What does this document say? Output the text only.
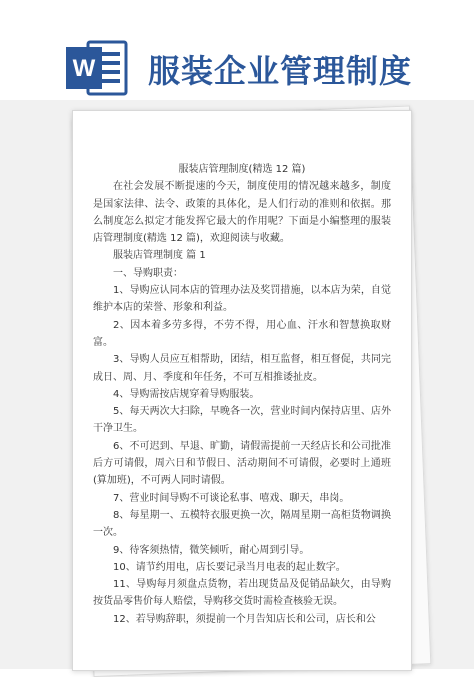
W 服装企业管理制度

服装店管理制度(精选 12 篇)

在社会发展不断提速的今天，制度使用的情况越来越多，制度是国家法律、法令、政策的具体化，是人们行动的准则和依据。那么制度怎么拟定才能发挥它最大的作用呢？下面是小编整理的服装店管理制度(精选 12 篇)，欢迎阅读与收藏。

服装店管理制度 篇 1

一、导购职责：

1、导购应认同本店的管理办法及奖罚措施，以本店为荣，自觉维护本店的荣誉、形象和利益。

2、因本着多劳多得，不劳不得，用心血、汗水和智慧换取财富。

3、导购人员应互相帮助，团结，相互监督，相互督促，共同完成日、周、月、季度和年任务，不可互相推诿扯皮。

4、导购需按店规穿着导购服装。

5、每天两次大扫除，早晚各一次，营业时间内保持店里、店外干净卫生。

6、不可迟到、早退、旷勤，请假需提前一天经店长和公司批准后方可请假，周六日和节假日、活动期间不可请假，必要时上通班(算加班)，不可两人同时请假。

7、营业时间导购不可谈论私事、嘻戏、聊天，串岗。

8、每星期一、五模特衣服更换一次，隔周星期一高柜货物调换一次。

9、待客须热情，微笑倾听，耐心周到引导。

10、请节约用电，店长要记录当月电表的起止数字。

11、导购每月须盘点货物，若出现货品及促销品缺欠，由导购按货品零售价每人赔偿，导购移交货时需检查核验无误。

12、若导购辞职，须提前一个月告知店长和公司，店长和公
